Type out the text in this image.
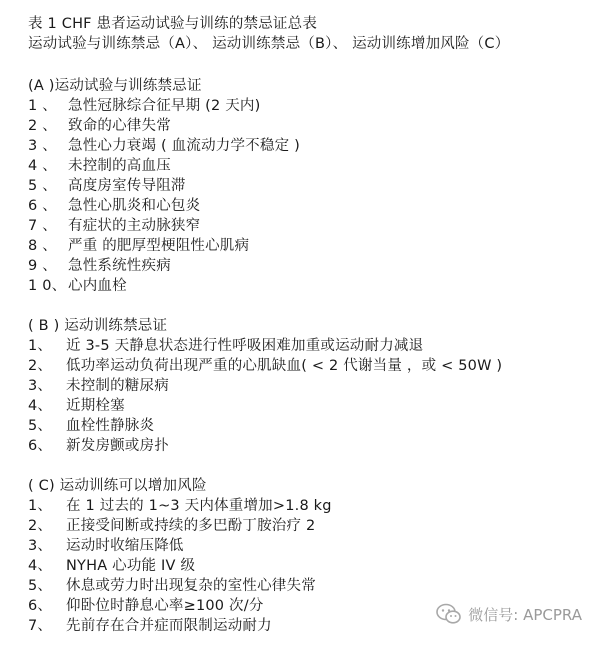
表 1 CHF 患者运动试验与训练的禁忌证总表
运动试验与训练禁忌（A）、 运动训练禁忌（B）、 运动训练增加风险（C）
(A )运动试验与训练禁忌证
1 、 急性冠脉综合征早期 (2 天内)
2 、 致命的心律失常
3 、 急性心力衰竭 ( 血流动力学不稳定 )
4 、 未控制的高血压
5 、 高度房室传导阻滞
6 、 急性心肌炎和心包炎
7 、 有症状的主动脉狭窄
8 、 严重 的肥厚型梗阻性心肌病
9 、 急性系统性疾病
1 0、 心内血栓
( B ) 运动训练禁忌证
1、 近 3-5 天静息状态进行性呼吸困难加重或运动耐力减退
2、 低功率运动负荷出现严重的心肌缺血( < 2 代谢当量 ，或 < 50W )
3、 未控制的糖尿病
4、 近期栓塞
5、 血栓性静脉炎
6、 新发房颤或房扑
( C) 运动训练可以增加风险
1、 在 1 过去的 1~3 天内体重增加>1.8 kg
2、 正接受间断或持续的多巴酚丁胺治疗 2
3、 运动时收缩压降低
4、 NYHA 心功能 IV 级
5、 休息或劳力时出现复杂的室性心律失常
6、 仰卧位时静息心率≥100 次/分
7、 先前存在合并症而限制运动耐力
微信号: APCPRA
